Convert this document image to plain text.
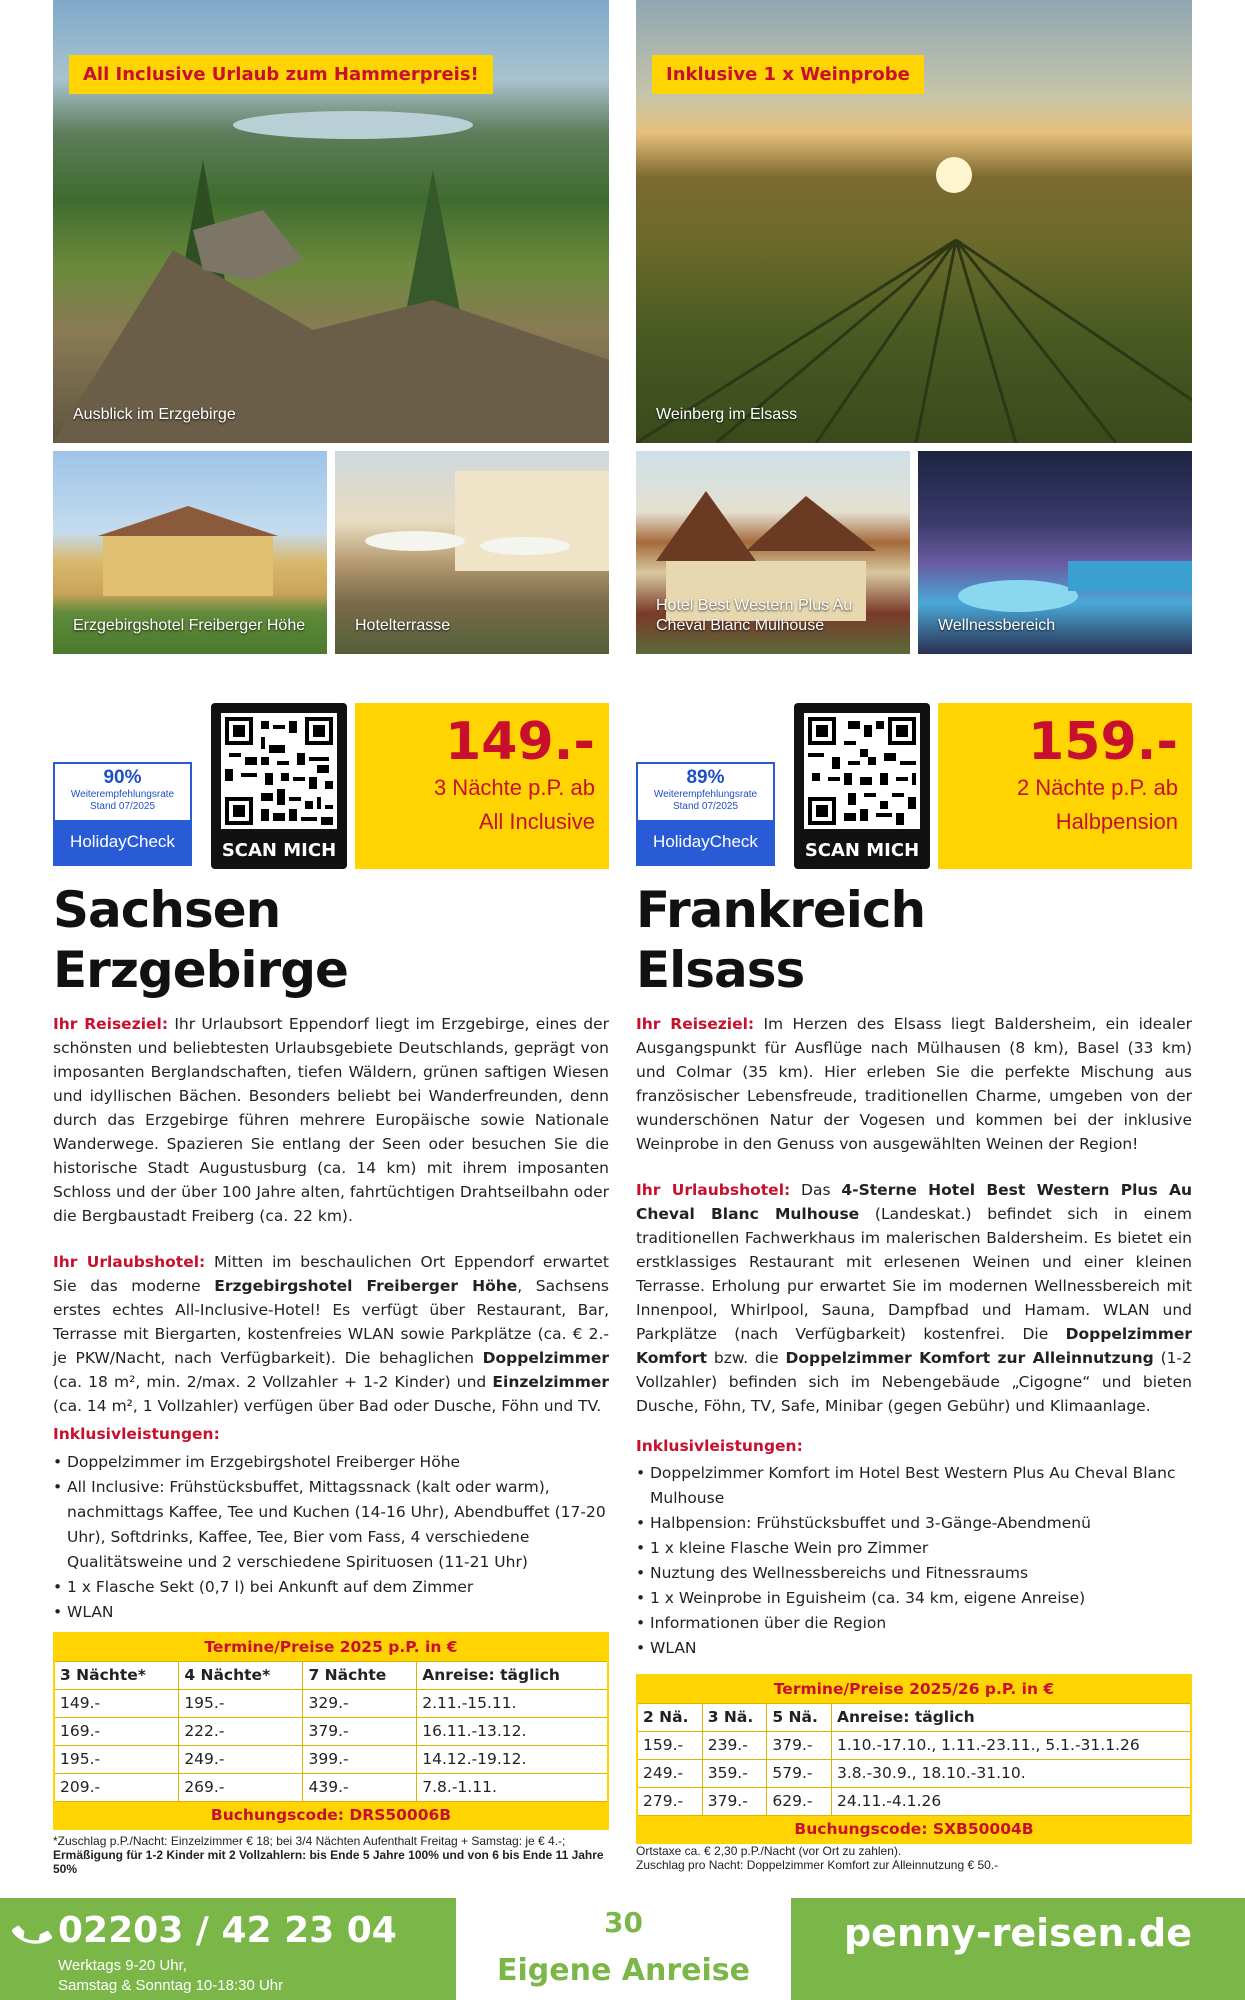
All Inclusive Urlaub zum Hammerpreis!
Ausblick im Erzgebirge
Erzgebirgshotel Freiberger Höhe	Hotelterrasse
90%
Weiterempfehlungsrate
Stand 07/2025
HolidayCheck	SCAN MICH
149.-
3 Nächte p.P. ab
All Inclusive
Sachsen
Erzgebirge
Ihr Reiseziel: Ihr Urlaubsort Eppendorf liegt im Erzgebirge, eines der schönsten und beliebtesten Urlaubsgebiete Deutschlands, geprägt von imposanten Berglandschaften, tiefen Wäldern, grünen saftigen Wiesen und idyllischen Bächen. Besonders beliebt bei Wanderfreunden, denn durch das Erzgebirge führen mehrere Europäische sowie Nationale Wanderwege. Spazieren Sie entlang der Seen oder besuchen Sie die historische Stadt Augustusburg (ca. 14 km) mit ihrem imposanten Schloss und der über 100 Jahre alten, fahrtüchtigen Drahtseilbahn oder die Bergbaustadt Freiberg (ca. 22 km).
Ihr Urlaubshotel: Mitten im beschaulichen Ort Eppendorf erwartet Sie das moderne Erzgebirgshotel Freiberger Höhe, Sachsens erstes echtes All-Inclusive-Hotel! Es verfügt über Restaurant, Bar, Terrasse mit Biergarten, kostenfreies WLAN sowie Parkplätze (ca. € 2.- je PKW/Nacht, nach Verfügbarkeit). Die behaglichen Doppelzimmer (ca. 18 m², min. 2/max. 2 Vollzahler + 1-2 Kinder) und Einzelzimmer (ca. 14 m², 1 Vollzahler) verfügen über Bad oder Dusche, Föhn und TV.
Inklusivleistungen:
• Doppelzimmer im Erzgebirgshotel Freiberger Höhe
• All Inclusive: Frühstücksbuffet, Mittagssnack (kalt oder warm), nachmittags Kaffee, Tee und Kuchen (14-16 Uhr), Abendbuffet (17-20 Uhr), Softdrinks, Kaffee, Tee, Bier vom Fass, 4 verschiedene Qualitätsweine und 2 verschiedene Spirituosen (11-21 Uhr)
• 1 x Flasche Sekt (0,7 l) bei Ankunft auf dem Zimmer
• WLAN
Termine/Preise 2025 p.P. in €			
3 Nächte*	4 Nächte*	7 Nächte	Anreise: täglich
149.-	195.-	329.-	2.11.-15.11.
169.-	222.-	379.-	16.11.-13.12.
195.-	249.-	399.-	14.12.-19.12.
209.-	269.-	439.-	7.8.-1.11.
Buchungscode: DRS50006B			
*Zuschlag p.P./Nacht: Einzelzimmer € 18; bei 3/4 Nächten Aufenthalt Freitag + Samstag: je € 4.-; Ermäßigung für 1-2 Kinder mit 2 Vollzahlern: bis Ende 5 Jahre 100% und von 6 bis Ende 11 Jahre 50%
Inklusive 1 x Weinprobe
Weinberg im Elsass
Hotel Best Western Plus Au Cheval Blanc Mulhouse	Wellnessbereich
89%
Weiterempfehlungsrate
Stand 07/2025
HolidayCheck	SCAN MICH
159.-
2 Nächte p.P. ab
Halbpension
Frankreich
Elsass
Ihr Reiseziel: Im Herzen des Elsass liegt Baldersheim, ein idealer Ausgangspunkt für Ausflüge nach Mülhausen (8 km), Basel (33 km) und Colmar (35 km). Hier erleben Sie die perfekte Mischung aus französischer Lebensfreude, traditionellen Charme, umgeben von der wunderschönen Natur der Vogesen und kommen bei der inklusive Weinprobe in den Genuss von ausgewählten Weinen der Region!
Ihr Urlaubshotel: Das 4-Sterne Hotel Best Western Plus Au Cheval Blanc Mulhouse (Landeskat.) befindet sich in einem traditionellen Fachwerkhaus im malerischen Baldersheim. Es bietet ein erstklassiges Restaurant mit erlesenen Weinen und einer kleinen Terrasse. Erholung pur erwartet Sie im modernen Wellnessbereich mit Innenpool, Whirlpool, Sauna, Dampfbad und Hamam. WLAN und Parkplätze (nach Verfügbarkeit) kostenfrei. Die Doppelzimmer Komfort bzw. die Doppelzimmer Komfort zur Alleinnutzung (1-2 Vollzahler) befinden sich im Nebengebäude „Cigogne“ und bieten Dusche, Föhn, TV, Safe, Minibar (gegen Gebühr) und Klimaanlage.
Inklusivleistungen:
• Doppelzimmer Komfort im Hotel Best Western Plus Au Cheval Blanc Mulhouse
• Halbpension: Frühstücksbuffet und 3-Gänge-Abendmenü
• 1 x kleine Flasche Wein pro Zimmer
• Nuztung des Wellnessbereichs und Fitnessraums
• 1 x Weinprobe in Eguisheim (ca. 34 km, eigene Anreise)
• Informationen über die Region
• WLAN
Termine/Preise 2025/26 p.P. in €			
2 Nä.	3 Nä.	5 Nä.	Anreise: täglich
159.-	239.-	379.-	1.10.-17.10., 1.11.-23.11., 5.1.-31.1.26
249.-	359.-	579.-	3.8.-30.9., 18.10.-31.10.
279.-	379.-	629.-	24.11.-4.1.26
Buchungscode: SXB50004B			
Ortstaxe ca. € 2,30 p.P./Nacht (vor Ort zu zahlen).
Zuschlag pro Nacht: Doppelzimmer Komfort zur Alleinnutzung € 50.-
02203 / 42 23 04
Werktags 9-20 Uhr,
Samstag & Sonntag 10-18:30 Uhr
30
Eigene Anreise
penny-reisen.de
